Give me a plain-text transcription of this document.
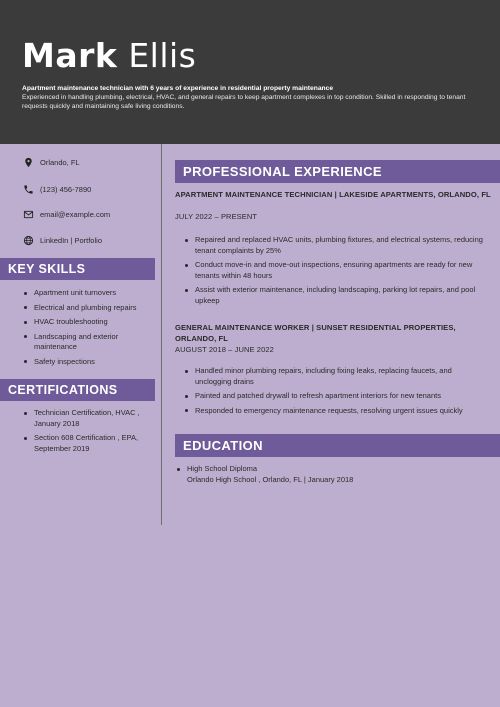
Mark Ellis
Apartment maintenance technician with 6 years of experience in residential property maintenance
Experienced in handling plumbing, electrical, HVAC, and general repairs to keep apartment complexes in top condition. Skilled in responding to tenant requests quickly and maintaining safe living conditions.
Orlando, FL
(123) 456-7890
email@example.com
LinkedIn | Portfolio
KEY SKILLS
Apartment unit turnovers
Electrical and plumbing repairs
HVAC troubleshooting
Landscaping and exterior maintenance
Safety inspections
CERTIFICATIONS
Technician Certification, HVAC , January 2018
Section 608 Certification , EPA, September 2019
PROFESSIONAL EXPERIENCE
APARTMENT MAINTENANCE TECHNICIAN | LAKESIDE APARTMENTS, ORLANDO, FL
JULY 2022 – PRESENT
Repaired and replaced HVAC units, plumbing fixtures, and electrical systems, reducing tenant complaints by 25%
Conduct move-in and move-out inspections, ensuring apartments are ready for new tenants within 48 hours
Assist with exterior maintenance, including landscaping, parking lot repairs, and pool upkeep
GENERAL MAINTENANCE WORKER | SUNSET RESIDENTIAL PROPERTIES, ORLANDO, FL
AUGUST 2018 – JUNE 2022
Handled minor plumbing repairs, including fixing leaks, replacing faucets, and unclogging drains
Painted and patched drywall to refresh apartment interiors for new tenants
Responded to emergency maintenance requests, resolving urgent issues quickly
EDUCATION
High School Diploma
Orlando High School , Orlando, FL | January 2018
